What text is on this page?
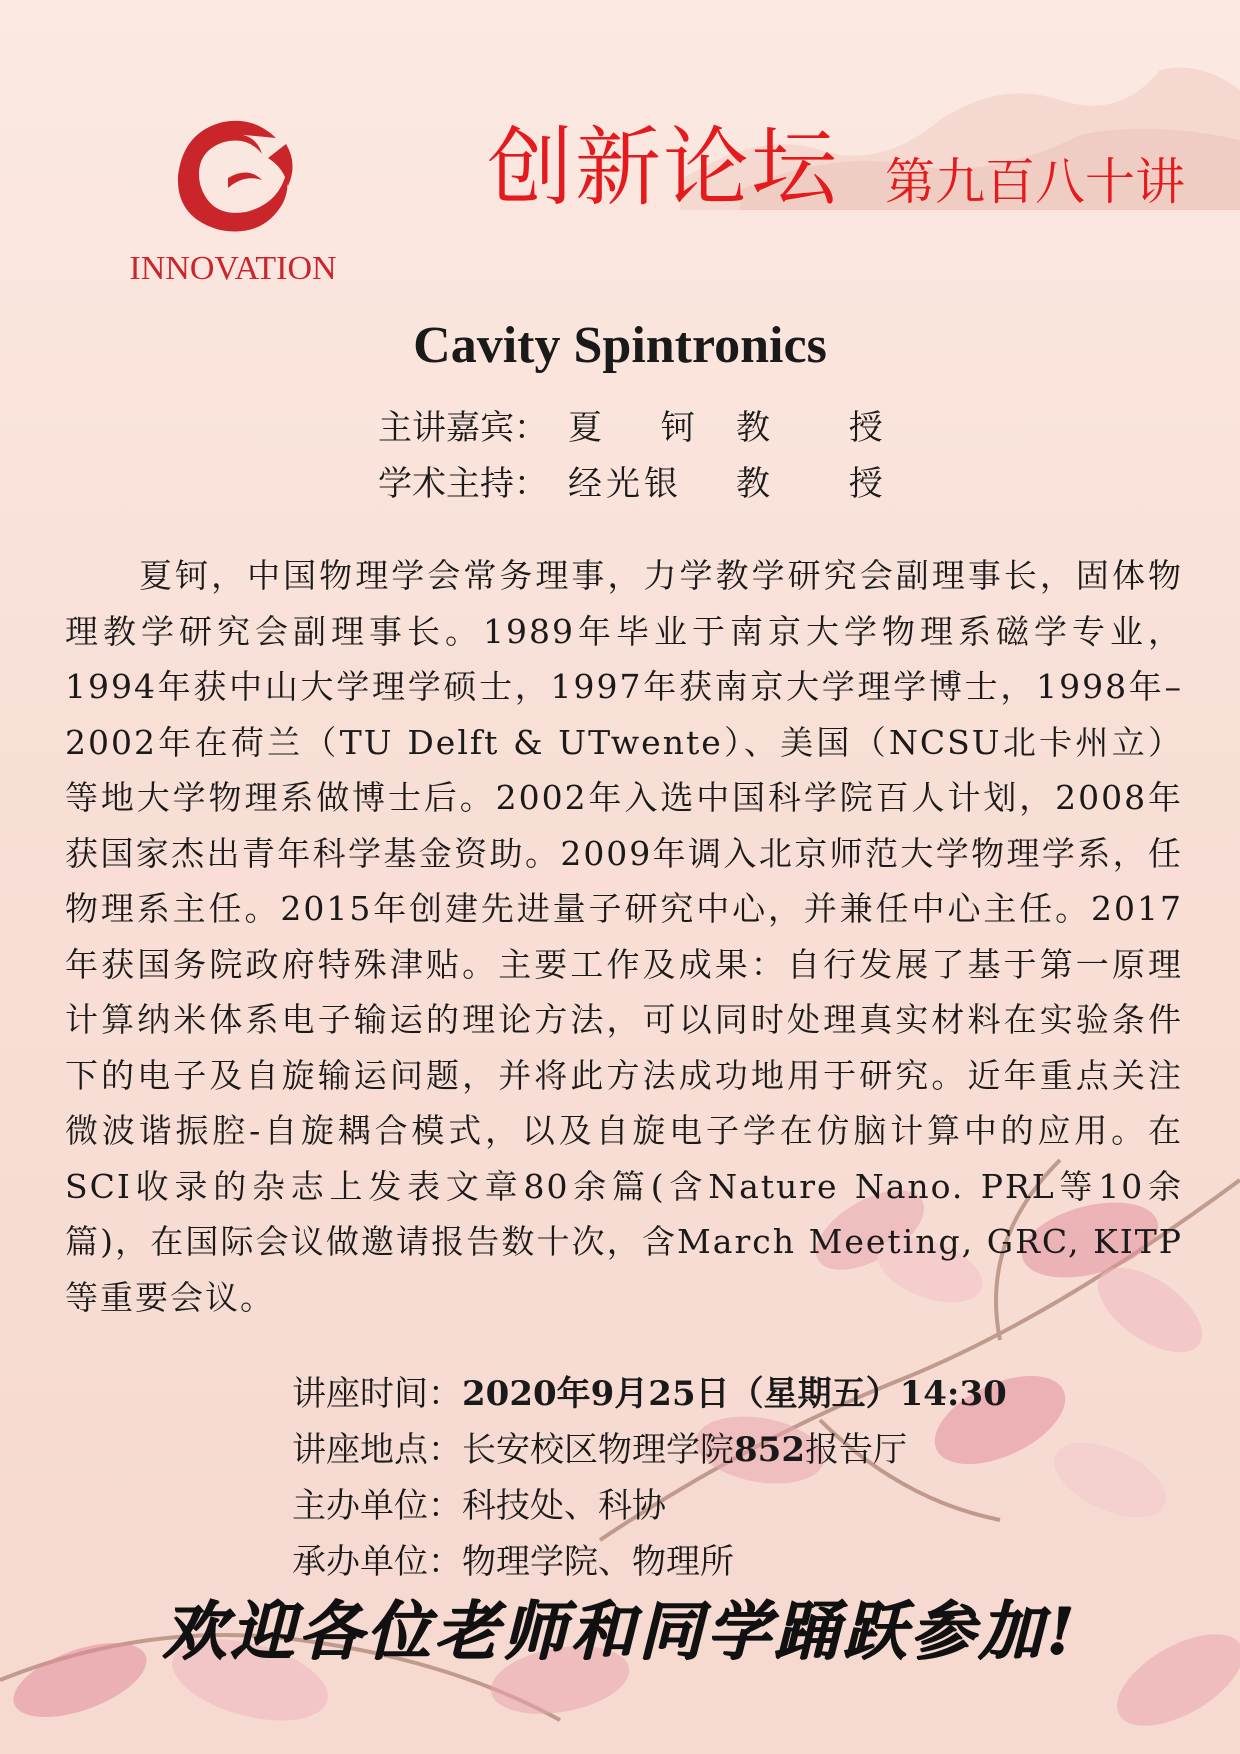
INNOVATION
创新论坛 第九百八十讲
Cavity Spintronics
主讲嘉宾： 夏 钶 教 授
学术主持： 经光银	教 授
夏钶，中国物理学会常务理事，力学教学研究会副理事长，固体物理教学研究会副理事长。1989年毕业于南京大学物理系磁学专业，1994年获中山大学理学硕士，1997年获南京大学理学博士，1998年–2002年在荷兰（TU Delft & UTwente）、美国（NCSU北卡州立）等地大学物理系做博士后。2002年入选中国科学院百人计划，2008年获国家杰出青年科学基金资助。2009年调入北京师范大学物理学系，任物理系主任。2015年创建先进量子研究中心，并兼任中心主任。2017年获国务院政府特殊津贴。主要工作及成果：自行发展了基于第一原理计算纳米体系电子输运的理论方法，可以同时处理真实材料在实验条件下的电子及自旋输运问题，并将此方法成功地用于研究。近年重点关注微波谐振腔-自旋耦合模式，以及自旋电子学在仿脑计算中的应用。在SCI收录的杂志上发表文章80余篇(含Nature Nano. PRL等10余篇)，在国际会议做邀请报告数十次，含March Meeting, GRC, KITP等重要会议。
讲座时间：2020年9月25日（星期五）14:30
讲座地点：长安校区物理学院852报告厅
主办单位：科技处、科协
承办单位：物理学院、物理所
欢迎各位老师和同学踊跃参加!
